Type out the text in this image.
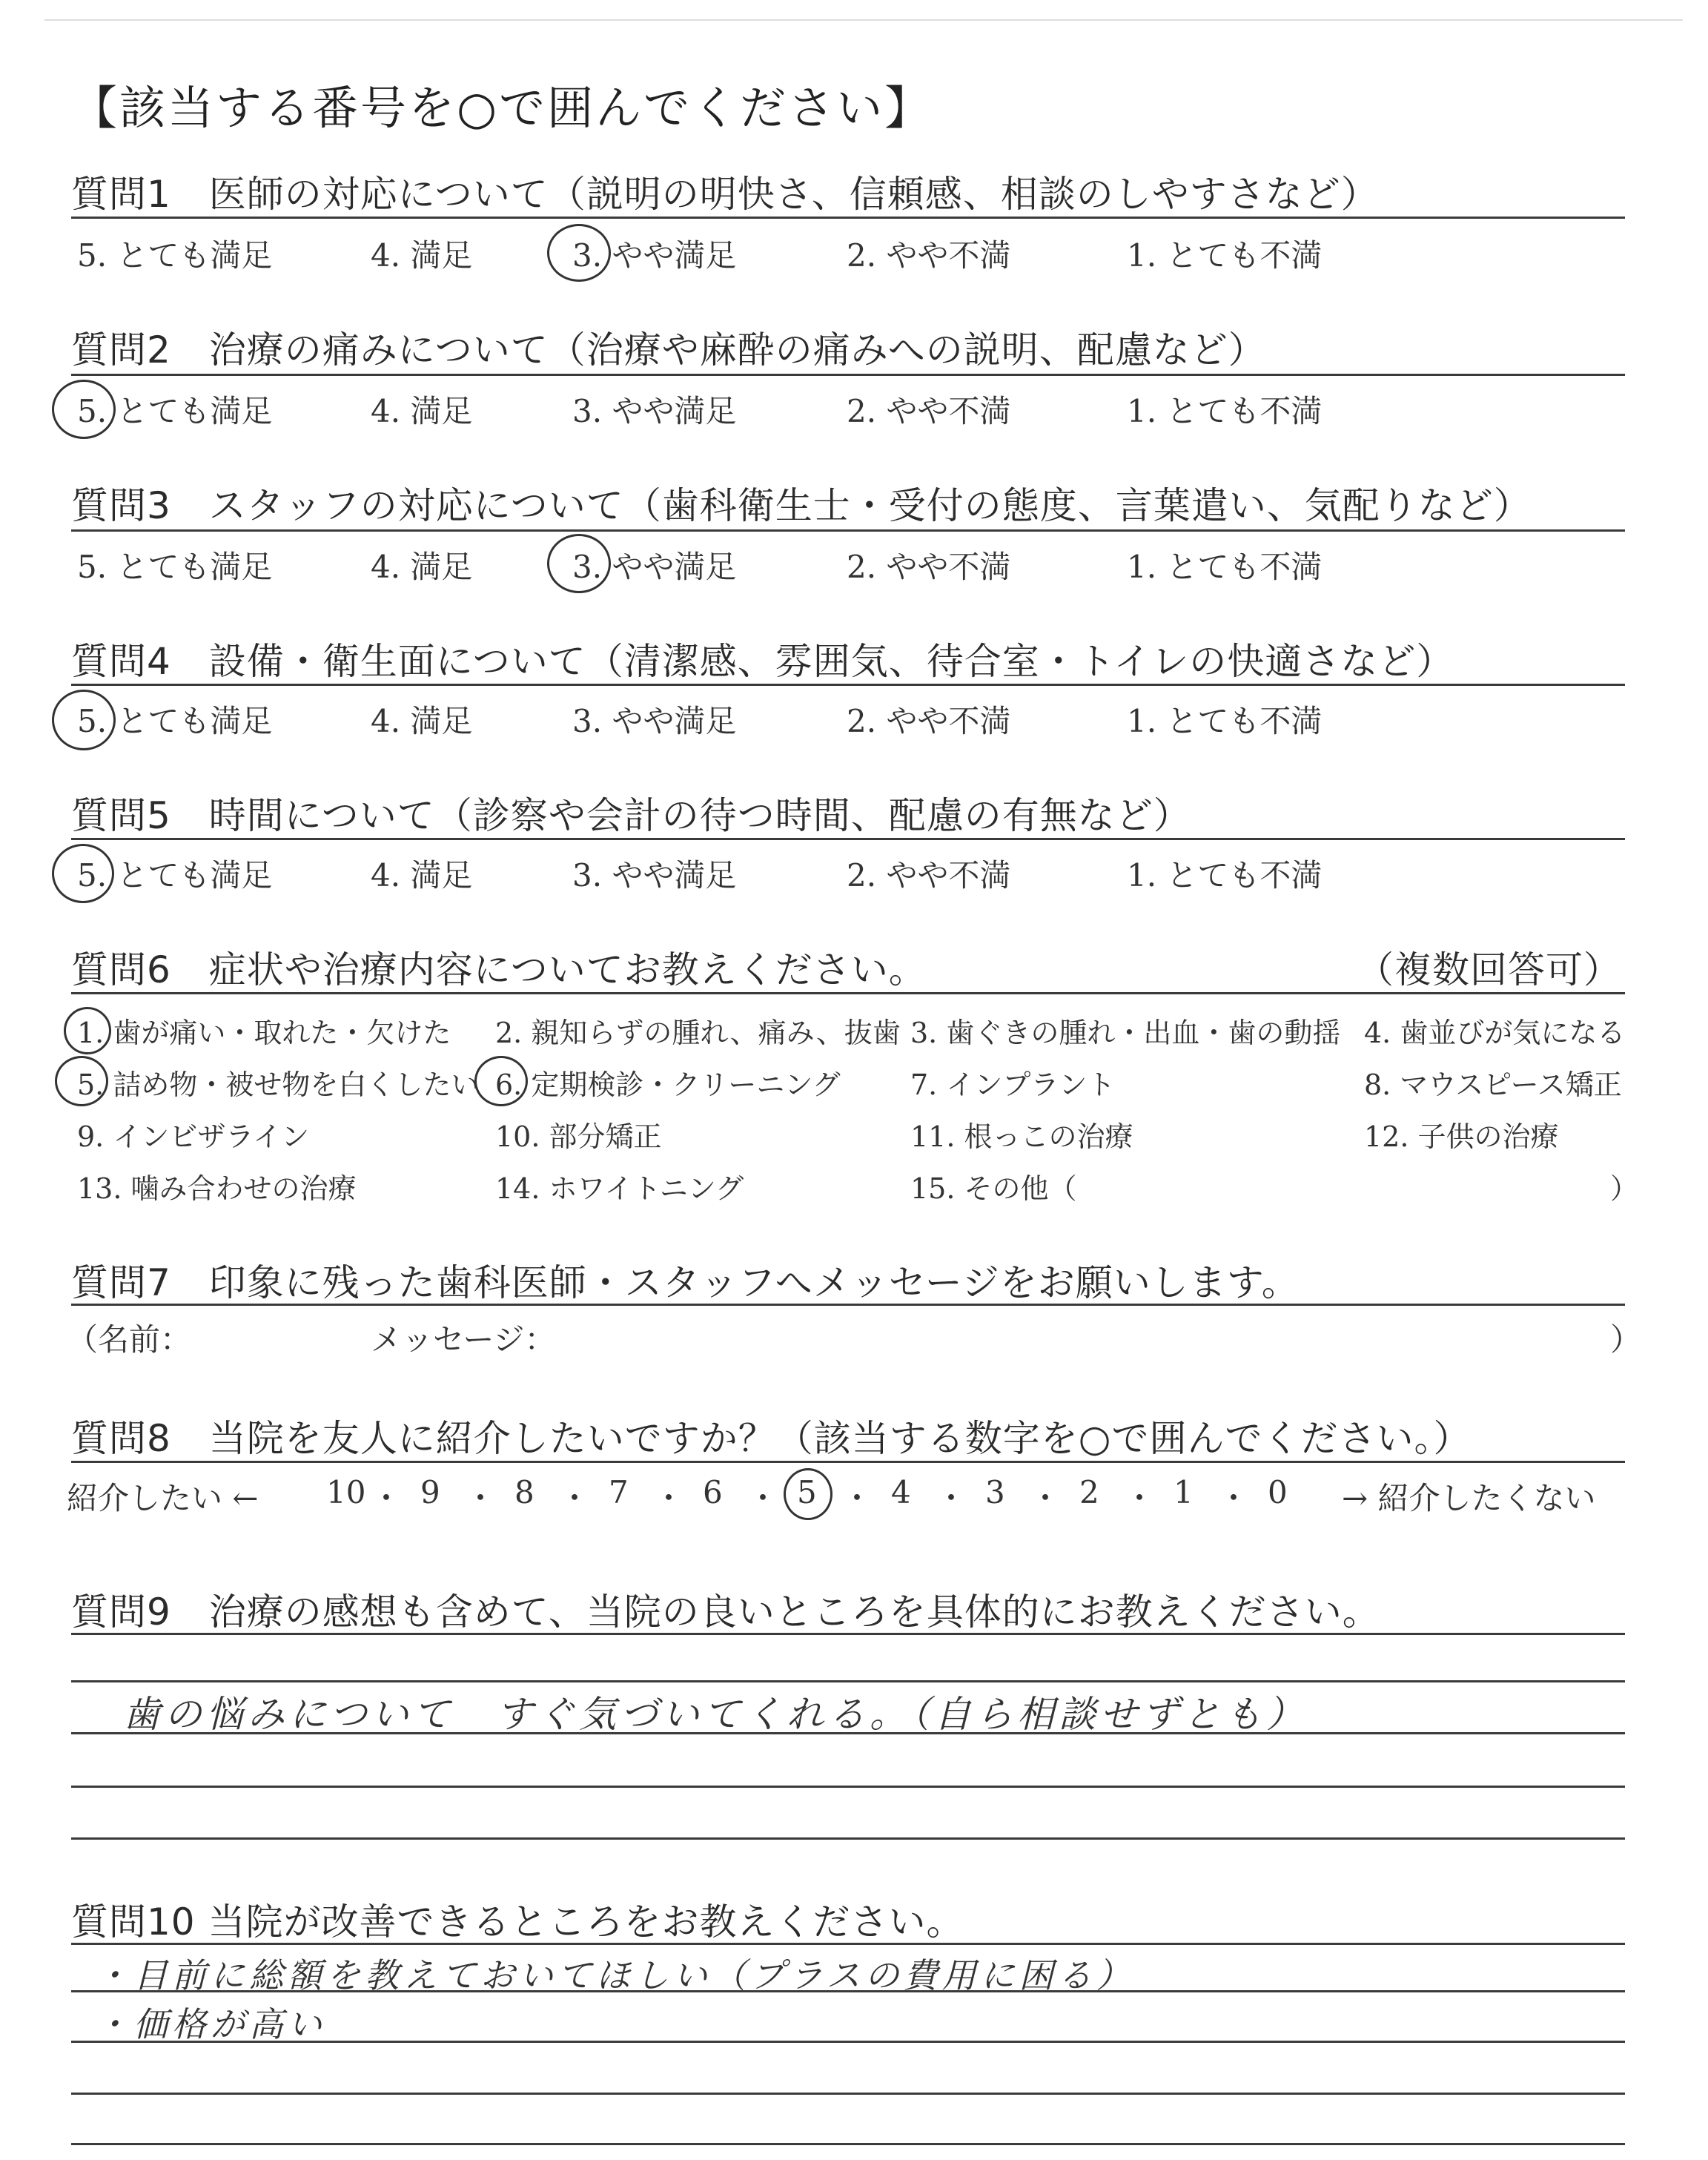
【該当する番号を○で囲んでください】
質問1　医師の対応について（説明の明快さ、信頼感、相談のしやすさなど）
5. とても満足	4. 満足	3. やや満足	2. やや不満	1. とても不満
質問2　治療の痛みについて（治療や麻酔の痛みへの説明、配慮など）
5. とても満足	4. 満足	3. やや満足	2. やや不満	1. とても不満
質問3　スタッフの対応について（歯科衛生士・受付の態度、言葉遣い、気配りなど）
5. とても満足	4. 満足	3. やや満足	2. やや不満	1. とても不満
質問4　設備・衛生面について（清潔感、雰囲気、待合室・トイレの快適さなど）
5. とても満足	4. 満足	3. やや満足	2. やや不満	1. とても不満
質問5　時間について（診察や会計の待つ時間、配慮の有無など）
5. とても満足	4. 満足	3. やや満足	2. やや不満	1. とても不満
質問6　症状や治療内容についてお教えください。	（複数回答可）
1. 歯が痛い・取れた・欠けた 2. 親知らずの腫れ、痛み、抜歯 3. 歯ぐきの腫れ・出血・歯の動揺 4. 歯並びが気になる
5. 詰め物・被せ物を白くしたい 6. 定期検診・クリーニング 7. インプラント	8. マウスピース矯正
9. インビザライン	10. 部分矯正	11. 根っこの治療	12. 子供の治療
13. 噛み合わせの治療	14. ホワイトニング	15. その他（	）
質問7　印象に残った歯科医師・スタッフへメッセージをお願いします。
（名前：	メッセージ：	）
質問8　当院を友人に紹介したいですか？（該当する数字を○で囲んでください。）
紹介したい ←	→ 紹介したくない
10 ・ 9 ・ 8 ・ 7 ・ 6 ・ 5 ・ 4 ・ 3 ・ 2 ・ 1 ・ 0
質問9　治療の感想も含めて、当院の良いところを具体的にお教えください。
歯の悩みについて　すぐ気づいてくれる。（自ら相談せずとも）
質問10 当院が改善できるところをお教えください。
・目前に総額を教えておいてほしい（プラスの費用に困る）
・価格が高い
